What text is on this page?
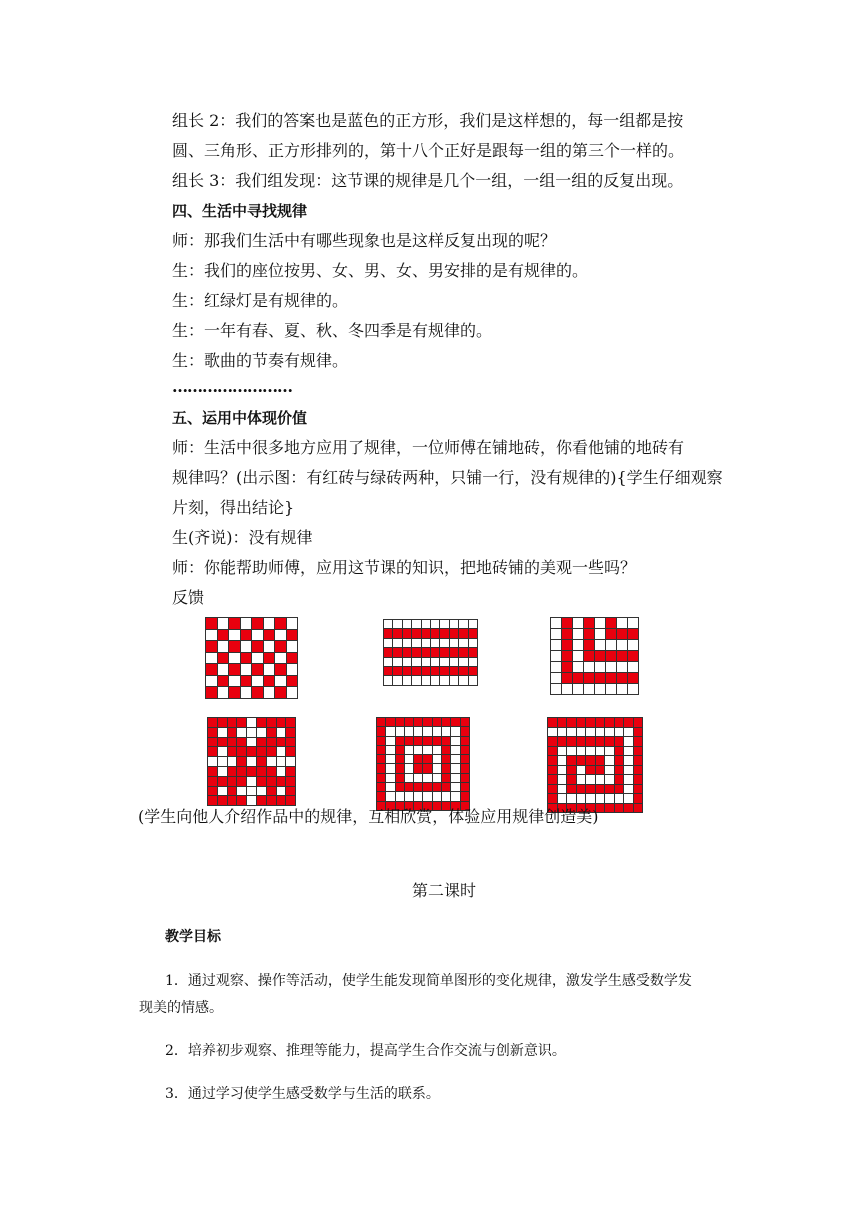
组长 2：我们的答案也是蓝色的正方形，我们是这样想的，每一组都是按

圆、三角形、正方形排列的，第十八个正好是跟每一组的第三个一样的。

组长 3：我们组发现：这节课的规律是几个一组，一组一组的反复出现。

四、生活中寻找规律

师：那我们生活中有哪些现象也是这样反复出现的呢？

生：我们的座位按男、女、男、女、男安排的是有规律的。

生：红绿灯是有规律的。

生：一年有春、夏、秋、冬四季是有规律的。

生：歌曲的节奏有规律。

……………………

五、运用中体现价值

师：生活中很多地方应用了规律，一位师傅在铺地砖，你看他铺的地砖有

规律吗？(出示图：有红砖与绿砖两种，只铺一行，没有规律的){学生仔细观察

片刻，得出结论}

生(齐说)：没有规律

师：你能帮助师傅，应用这节课的知识，把地砖铺的美观一些吗？

反馈

(学生向他人介绍作品中的规律，互相欣赏，体验应用规律创造美)

第二课时

教学目标

1．通过观察、操作等活动，使学生能发现简单图形的变化规律，激发学生感受数学发

现美的情感。

2．培养初步观察、推理等能力，提高学生合作交流与创新意识。

3．通过学习使学生感受数学与生活的联系。
